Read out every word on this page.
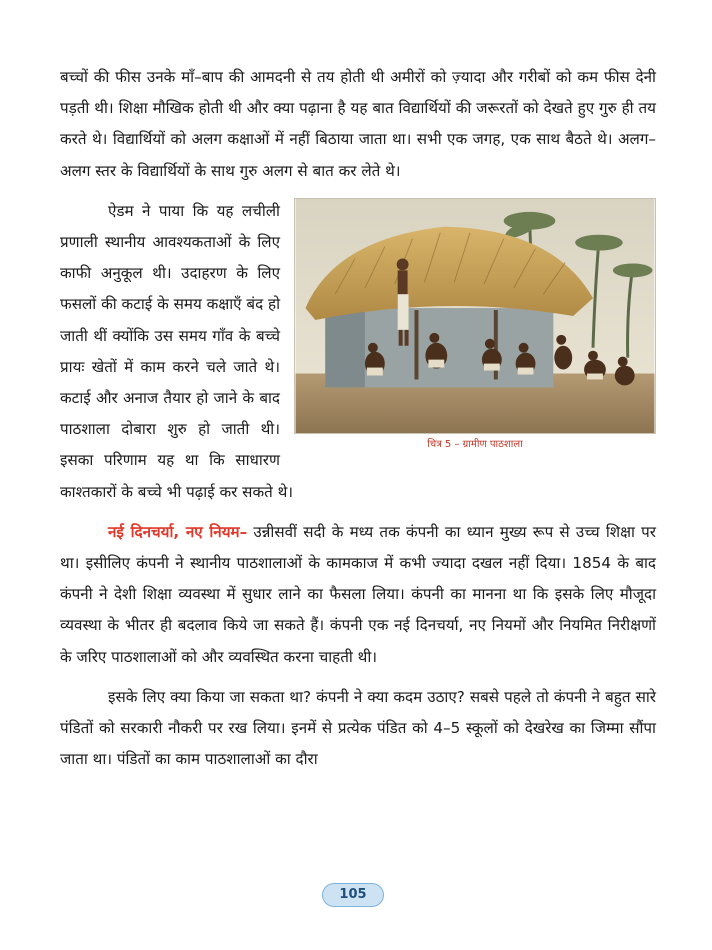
बच्चों की फीस उनके माँ–बाप की आमदनी से तय होती थी अमीरों को ज़्यादा और गरीबों को कम फीस देनी पड़ती थी। शिक्षा मौखिक होती थी और क्या पढ़ाना है यह बात विद्यार्थियों की जरूरतों को देखते हुए गुरु ही तय करते थे। विद्यार्थियों को अलग कक्षाओं में नहीं बिठाया जाता था। सभी एक जगह, एक साथ बैठते थे। अलग–अलग स्तर के विद्यार्थियों के साथ गुरु अलग से बात कर लेते थे।

चित्र 5 – ग्रामीण पाठशाला

ऐडम ने पाया कि यह लचीली प्रणाली स्थानीय आवश्यकताओं के लिए काफी अनुकूल थी। उदाहरण के लिए फसलों की कटाई के समय कक्षाएँ बंद हो जाती थीं क्योंकि उस समय गाँव के बच्चे प्रायः खेतों में काम करने चले जाते थे। कटाई और अनाज तैयार हो जाने के बाद पाठशाला दोबारा शुरु हो जाती थी। इसका परिणाम यह था कि साधारण काश्तकारों के बच्चे भी पढ़ाई कर सकते थे।

नई दिनचर्या, नए नियम– उन्नीसवीं सदी के मध्य तक कंपनी का ध्यान मुख्य रूप से उच्च शिक्षा पर था। इसीलिए कंपनी ने स्थानीय पाठशालाओं के कामकाज में कभी ज्यादा दखल नहीं दिया। 1854 के बाद कंपनी ने देशी शिक्षा व्यवस्था में सुधार लाने का फैसला लिया। कंपनी का मानना था कि इसके लिए मौजूदा व्यवस्था के भीतर ही बदलाव किये जा सकते हैं। कंपनी एक नई दिनचर्या, नए नियमों और नियमित निरीक्षणों के जरिए पाठशालाओं को और व्यवस्थित करना चाहती थी।

इसके लिए क्या किया जा सकता था? कंपनी ने क्या कदम उठाए? सबसे पहले तो कंपनी ने बहुत सारे पंडितों को सरकारी नौकरी पर रख लिया। इनमें से प्रत्येक पंडित को 4–5 स्कूलों को देखरेख का जिम्मा सौंपा जाता था। पंडितों का काम पाठशालाओं का दौरा

105
